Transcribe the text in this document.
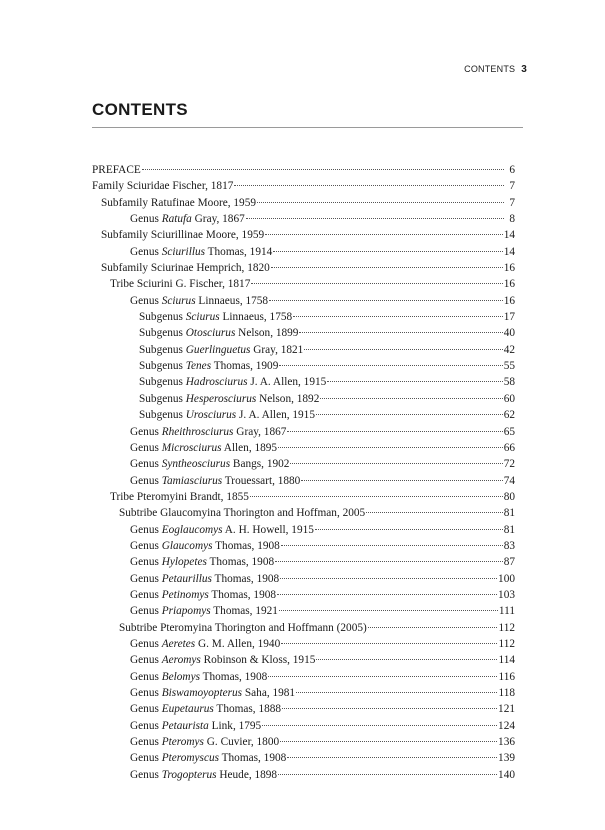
CONTENTS 3
CONTENTS
PREFACE	6
Family Sciuridae Fischer, 1817	7
Subfamily Ratufinae Moore, 1959	7
Genus Ratufa Gray, 1867	8
Subfamily Sciurillinae Moore, 1959	14
Genus Sciurillus Thomas, 1914	14
Subfamily Sciurinae Hemprich, 1820	16
Tribe Sciurini G. Fischer, 1817	16
Genus Sciurus Linnaeus, 1758	16
Subgenus Sciurus Linnaeus, 1758	17
Subgenus Otosciurus Nelson, 1899	40
Subgenus Guerlinguetus Gray, 1821	42
Subgenus Tenes Thomas, 1909	55
Subgenus Hadrosciurus J. A. Allen, 1915	58
Subgenus Hesperosciurus Nelson, 1892	60
Subgenus Urosciurus J. A. Allen, 1915	62
Genus Rheithrosciurus Gray, 1867	65
Genus Microsciurus Allen, 1895	66
Genus Syntheosciurus Bangs, 1902	72
Genus Tamiasciurus Trouessart, 1880	74
Tribe Pteromyini Brandt, 1855	80
Subtribe Glaucomyina Thorington and Hoffman, 2005	81
Genus Eoglaucomys A. H. Howell, 1915	81
Genus Glaucomys Thomas, 1908	83
Genus Hylopetes Thomas, 1908	87
Genus Petaurillus Thomas, 1908	100
Genus Petinomys Thomas, 1908	103
Genus Priapomys Thomas, 1921	111
Subtribe Pteromyina Thorington and Hoffmann (2005)	112
Genus Aeretes G. M. Allen, 1940	112
Genus Aeromys Robinson & Kloss, 1915	114
Genus Belomys Thomas, 1908	116
Genus Biswamoyopterus Saha, 1981	118
Genus Eupetaurus Thomas, 1888	121
Genus Petaurista Link, 1795	124
Genus Pteromys G. Cuvier, 1800	136
Genus Pteromyscus Thomas, 1908	139
Genus Trogopterus Heude, 1898	140
